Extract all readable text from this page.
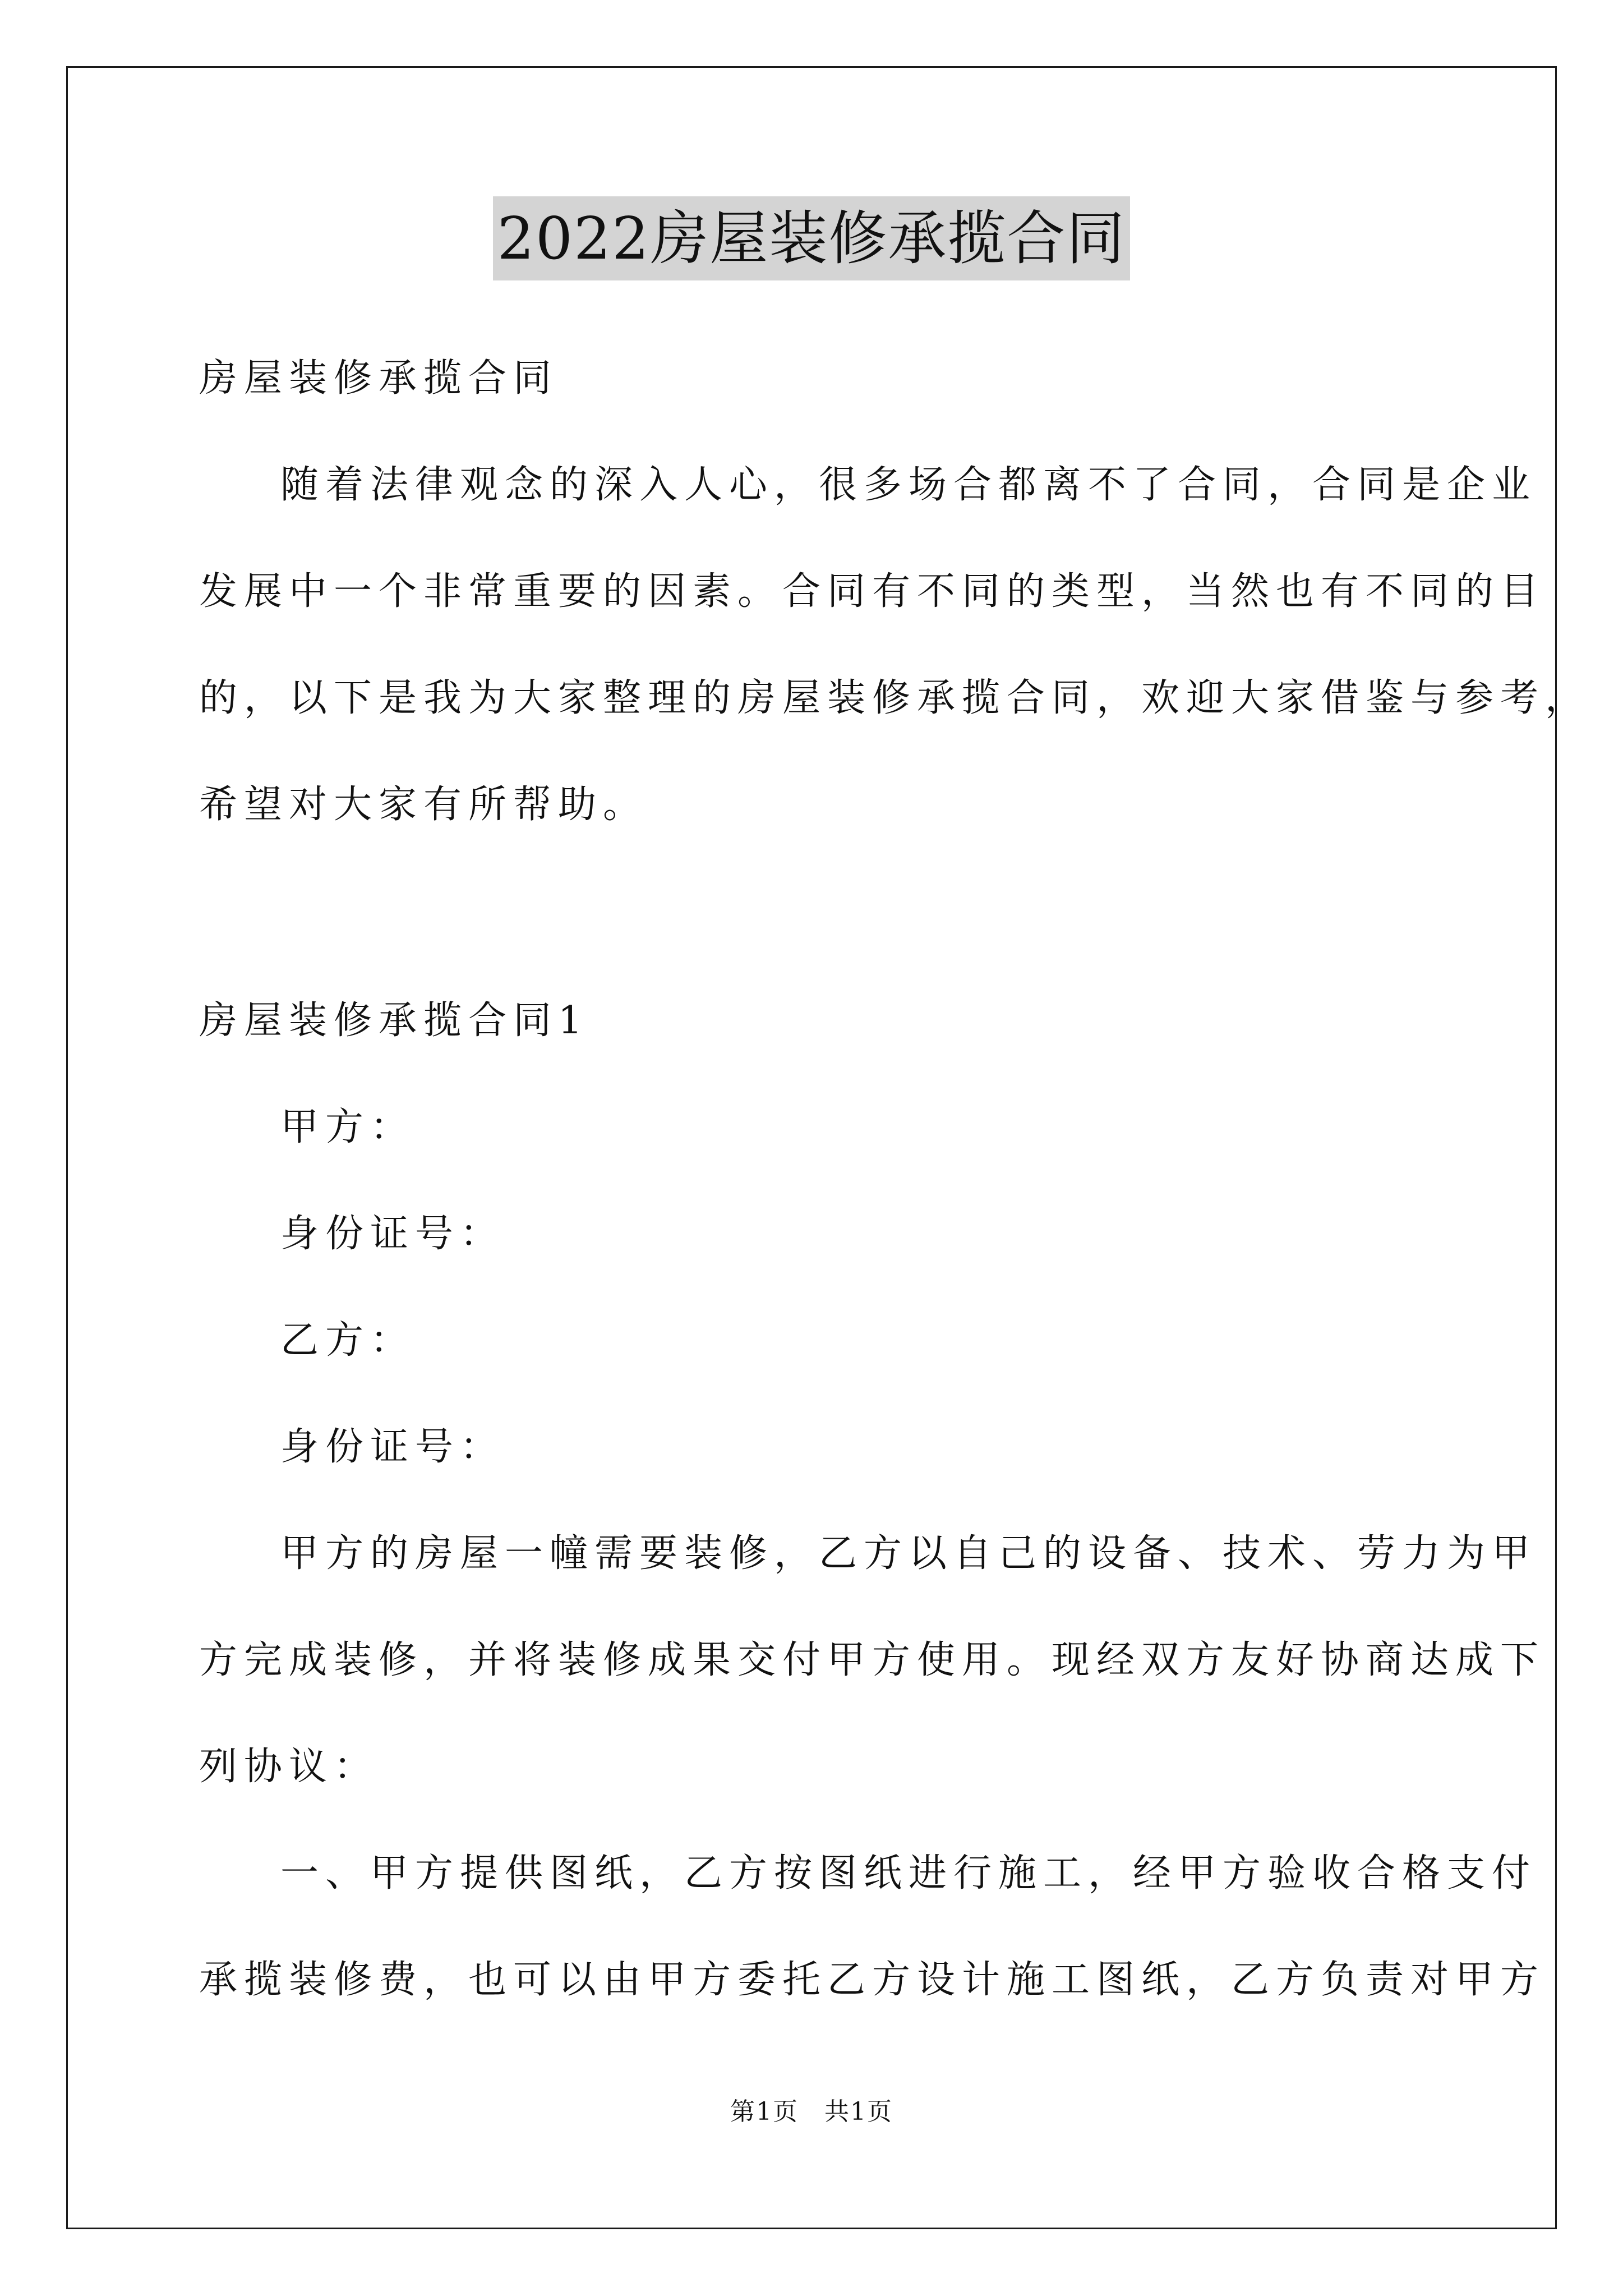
2022房屋装修承揽合同
房屋装修承揽合同
随着法律观念的深入人心，很多场合都离不了合同，合同是企业
发展中一个非常重要的因素。合同有不同的类型，当然也有不同的目
的，以下是我为大家整理的房屋装修承揽合同，欢迎大家借鉴与参考，
希望对大家有所帮助。
房屋装修承揽合同1
甲方：
身份证号：
乙方：
身份证号：
甲方的房屋一幢需要装修，乙方以自己的设备、技术、劳力为甲
方完成装修，并将装修成果交付甲方使用。现经双方友好协商达成下
列协议：
一、甲方提供图纸，乙方按图纸进行施工，经甲方验收合格支付
承揽装修费，也可以由甲方委托乙方设计施工图纸，乙方负责对甲方
第1页　共1页
